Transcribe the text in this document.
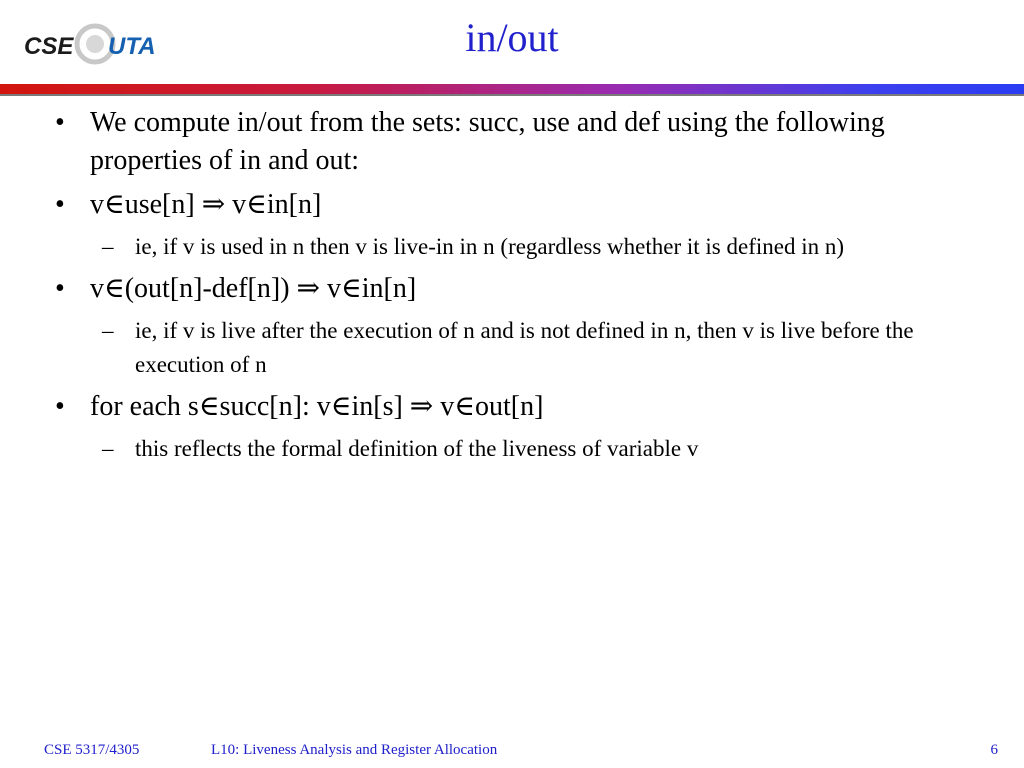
CSE UTA	in/out
• We compute in/out from the sets: succ, use and def using the following properties of in and out:
• v∈use[n] ⇒ v∈in[n]
– ie, if v is used in n then v is live-in in n (regardless whether it is defined in n)
• v∈(out[n]-def[n]) ⇒ v∈in[n]
– ie, if v is live after the execution of n and is not defined in n, then v is live before the execution of n
• for each s∈succ[n]: v∈in[s] ⇒ v∈out[n]
– this reflects the formal definition of the liveness of variable v
CSE 5317/4305	L10: Liveness Analysis and Register Allocation	6
